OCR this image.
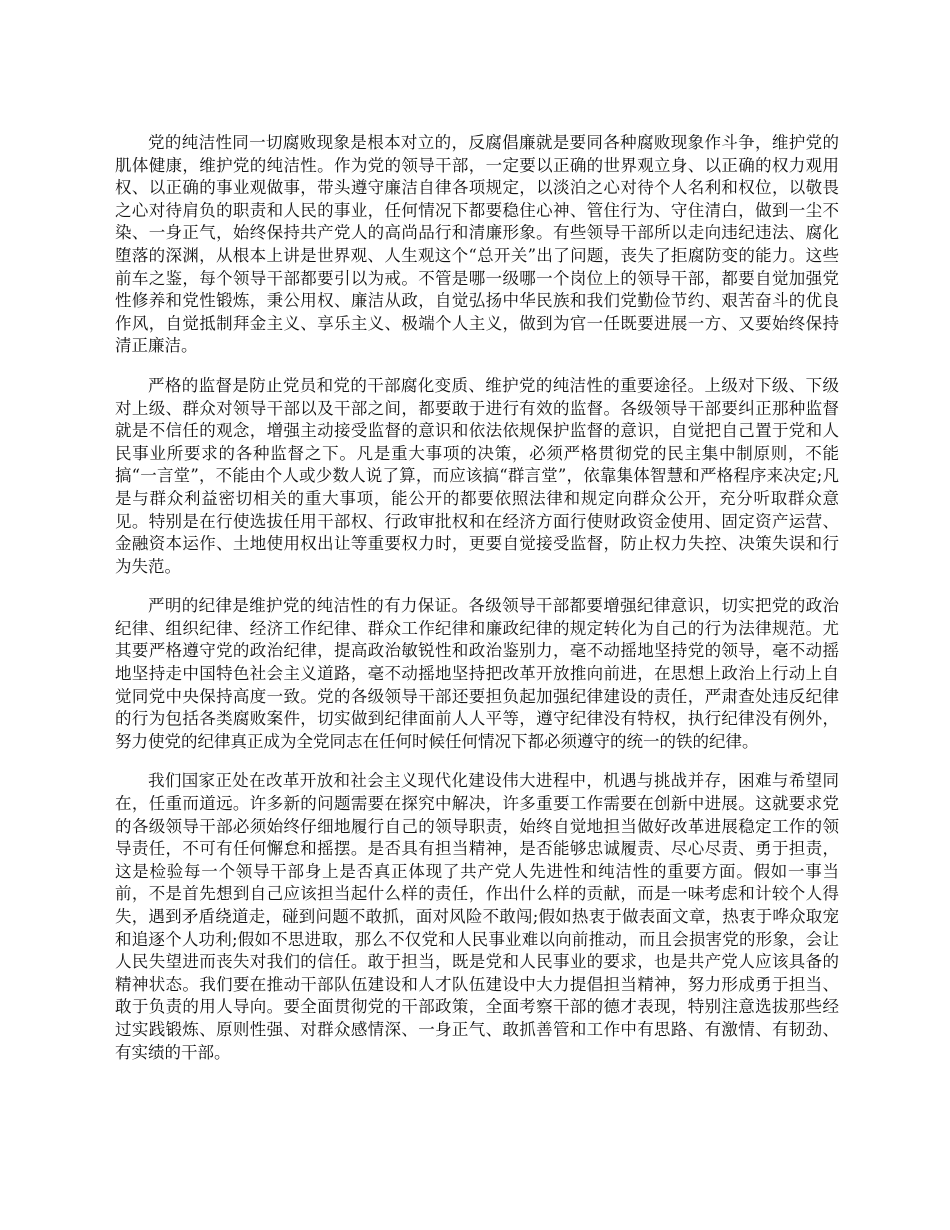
党的纯洁性同一切腐败现象是根本对立的，反腐倡廉就是要同各种腐败现象作斗争，维护党的肌体健康，维护党的纯洁性。作为党的领导干部，一定要以正确的世界观立身、以正确的权力观用权、以正确的事业观做事，带头遵守廉洁自律各项规定，以淡泊之心对待个人名利和权位，以敬畏之心对待肩负的职责和人民的事业，任何情况下都要稳住心神、管住行为、守住清白，做到一尘不染、一身正气，始终保持共产党人的高尚品行和清廉形象。有些领导干部所以走向违纪违法、腐化堕落的深渊，从根本上讲是世界观、人生观这个“总开关”出了问题，丧失了拒腐防变的能力。这些前车之鉴，每个领导干部都要引以为戒。不管是哪一级哪一个岗位上的领导干部，都要自觉加强党性修养和党性锻炼，秉公用权、廉洁从政，自觉弘扬中华民族和我们党勤俭节约、艰苦奋斗的优良作风，自觉抵制拜金主义、享乐主义、极端个人主义，做到为官一任既要进展一方、又要始终保持清正廉洁。

严格的监督是防止党员和党的干部腐化变质、维护党的纯洁性的重要途径。上级对下级、下级对上级、群众对领导干部以及干部之间，都要敢于进行有效的监督。各级领导干部要纠正那种监督就是不信任的观念，增强主动接受监督的意识和依法依规保护监督的意识，自觉把自己置于党和人民事业所要求的各种监督之下。凡是重大事项的决策，必须严格贯彻党的民主集中制原则，不能搞“一言堂”，不能由个人或少数人说了算，而应该搞“群言堂”，依靠集体智慧和严格程序来决定;凡是与群众利益密切相关的重大事项，能公开的都要依照法律和规定向群众公开，充分听取群众意见。特别是在行使选拔任用干部权、行政审批权和在经济方面行使财政资金使用、固定资产运营、金融资本运作、土地使用权出让等重要权力时，更要自觉接受监督，防止权力失控、决策失误和行为失范。

严明的纪律是维护党的纯洁性的有力保证。各级领导干部都要增强纪律意识，切实把党的政治纪律、组织纪律、经济工作纪律、群众工作纪律和廉政纪律的规定转化为自己的行为法律规范。尤其要严格遵守党的政治纪律，提高政治敏锐性和政治鉴别力，毫不动摇地坚持党的领导，毫不动摇地坚持走中国特色社会主义道路，毫不动摇地坚持把改革开放推向前进，在思想上政治上行动上自觉同党中央保持高度一致。党的各级领导干部还要担负起加强纪律建设的责任，严肃查处违反纪律的行为包括各类腐败案件，切实做到纪律面前人人平等，遵守纪律没有特权，执行纪律没有例外，努力使党的纪律真正成为全党同志在任何时候任何情况下都必须遵守的统一的铁的纪律。

我们国家正处在改革开放和社会主义现代化建设伟大进程中，机遇与挑战并存，困难与希望同在，任重而道远。许多新的问题需要在探究中解决，许多重要工作需要在创新中进展。这就要求党的各级领导干部必须始终仔细地履行自己的领导职责，始终自觉地担当做好改革进展稳定工作的领导责任，不可有任何懈怠和摇摆。是否具有担当精神，是否能够忠诚履责、尽心尽责、勇于担责，这是检验每一个领导干部身上是否真正体现了共产党人先进性和纯洁性的重要方面。假如一事当前，不是首先想到自己应该担当起什么样的责任，作出什么样的贡献，而是一味考虑和计较个人得失，遇到矛盾绕道走，碰到问题不敢抓，面对风险不敢闯;假如热衷于做表面文章，热衷于哗众取宠和追逐个人功利;假如不思进取，那么不仅党和人民事业难以向前推动，而且会损害党的形象，会让人民失望进而丧失对我们的信任。敢于担当，既是党和人民事业的要求，也是共产党人应该具备的精神状态。我们要在推动干部队伍建设和人才队伍建设中大力提倡担当精神，努力形成勇于担当、敢于负责的用人导向。要全面贯彻党的干部政策，全面考察干部的德才表现，特别注意选拔那些经过实践锻炼、原则性强、对群众感情深、一身正气、敢抓善管和工作中有思路、有激情、有韧劲、有实绩的干部。
